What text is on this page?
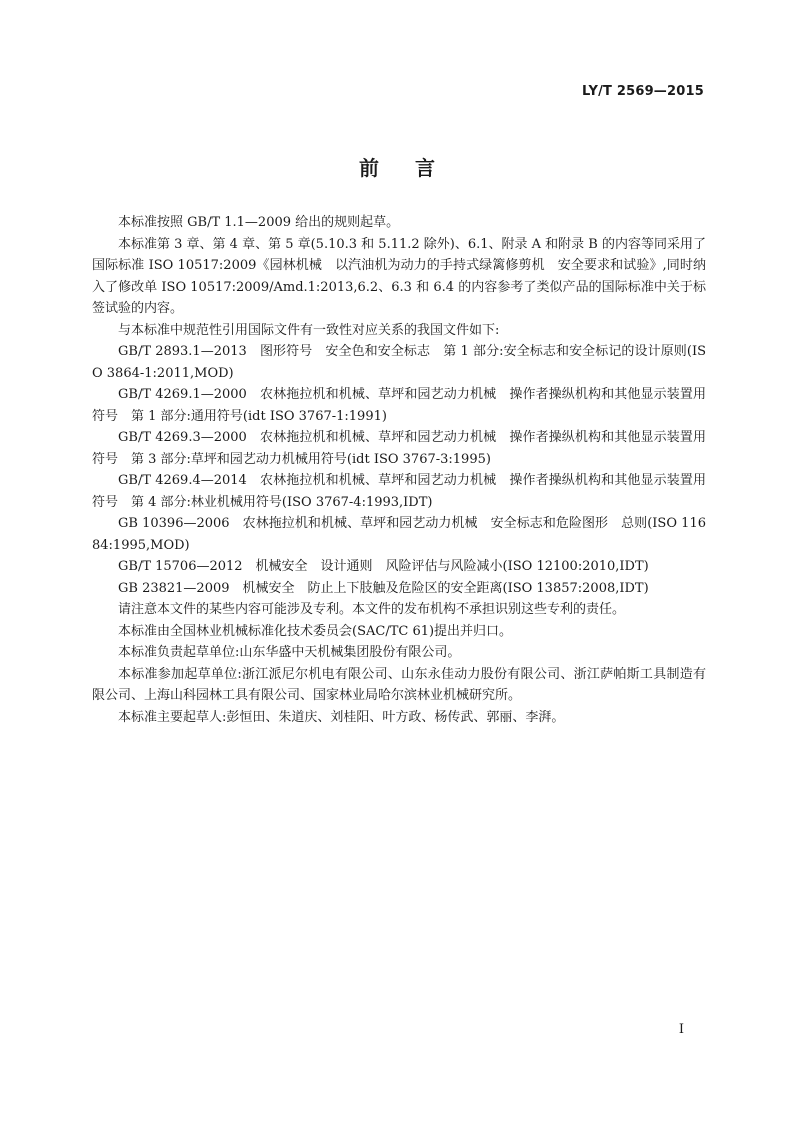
LY/T 2569—2015
前言

本标准按照 GB/T 1.1—2009 给出的规则起草。

本标准第 3 章、第 4 章、第 5 章(5.10.3 和 5.11.2 除外)、6.1、附录 A 和附录 B 的内容等同采用了国际标准 ISO 10517:2009《园林机械　以汽油机为动力的手持式绿篱修剪机　安全要求和试验》,同时纳入了修改单 ISO 10517:2009/Amd.1:2013,6.2、6.3 和 6.4 的内容参考了类似产品的国际标准中关于标签试验的内容。

与本标准中规范性引用国际文件有一致性对应关系的我国文件如下:

GB/T 2893.1—2013　图形符号　安全色和安全标志　第 1 部分:安全标志和安全标记的设计原则(ISO 3864-1:2011,MOD)

GB/T 4269.1—2000　农林拖拉机和机械、草坪和园艺动力机械　操作者操纵机构和其他显示装置用符号　第 1 部分:通用符号(idt ISO 3767-1:1991)

GB/T 4269.3—2000　农林拖拉机和机械、草坪和园艺动力机械　操作者操纵机构和其他显示装置用符号　第 3 部分:草坪和园艺动力机械用符号(idt ISO 3767-3:1995)

GB/T 4269.4—2014　农林拖拉机和机械、草坪和园艺动力机械　操作者操纵机构和其他显示装置用符号　第 4 部分:林业机械用符号(ISO 3767-4:1993,IDT)

GB 10396—2006　农林拖拉机和机械、草坪和园艺动力机械　安全标志和危险图形　总则(ISO 11684:1995,MOD)

GB/T 15706—2012　机械安全　设计通则　风险评估与风险减小(ISO 12100:2010,IDT)

GB 23821—2009　机械安全　防止上下肢触及危险区的安全距离(ISO 13857:2008,IDT)

请注意本文件的某些内容可能涉及专利。本文件的发布机构不承担识别这些专利的责任。

本标准由全国林业机械标准化技术委员会(SAC/TC 61)提出并归口。

本标准负责起草单位:山东华盛中天机械集团股份有限公司。

本标准参加起草单位:浙江派尼尔机电有限公司、山东永佳动力股份有限公司、浙江萨帕斯工具制造有限公司、上海山科园林工具有限公司、国家林业局哈尔滨林业机械研究所。

本标准主要起草人:彭恒田、朱道庆、刘桂阳、叶方政、杨传武、郭丽、李湃。

I
